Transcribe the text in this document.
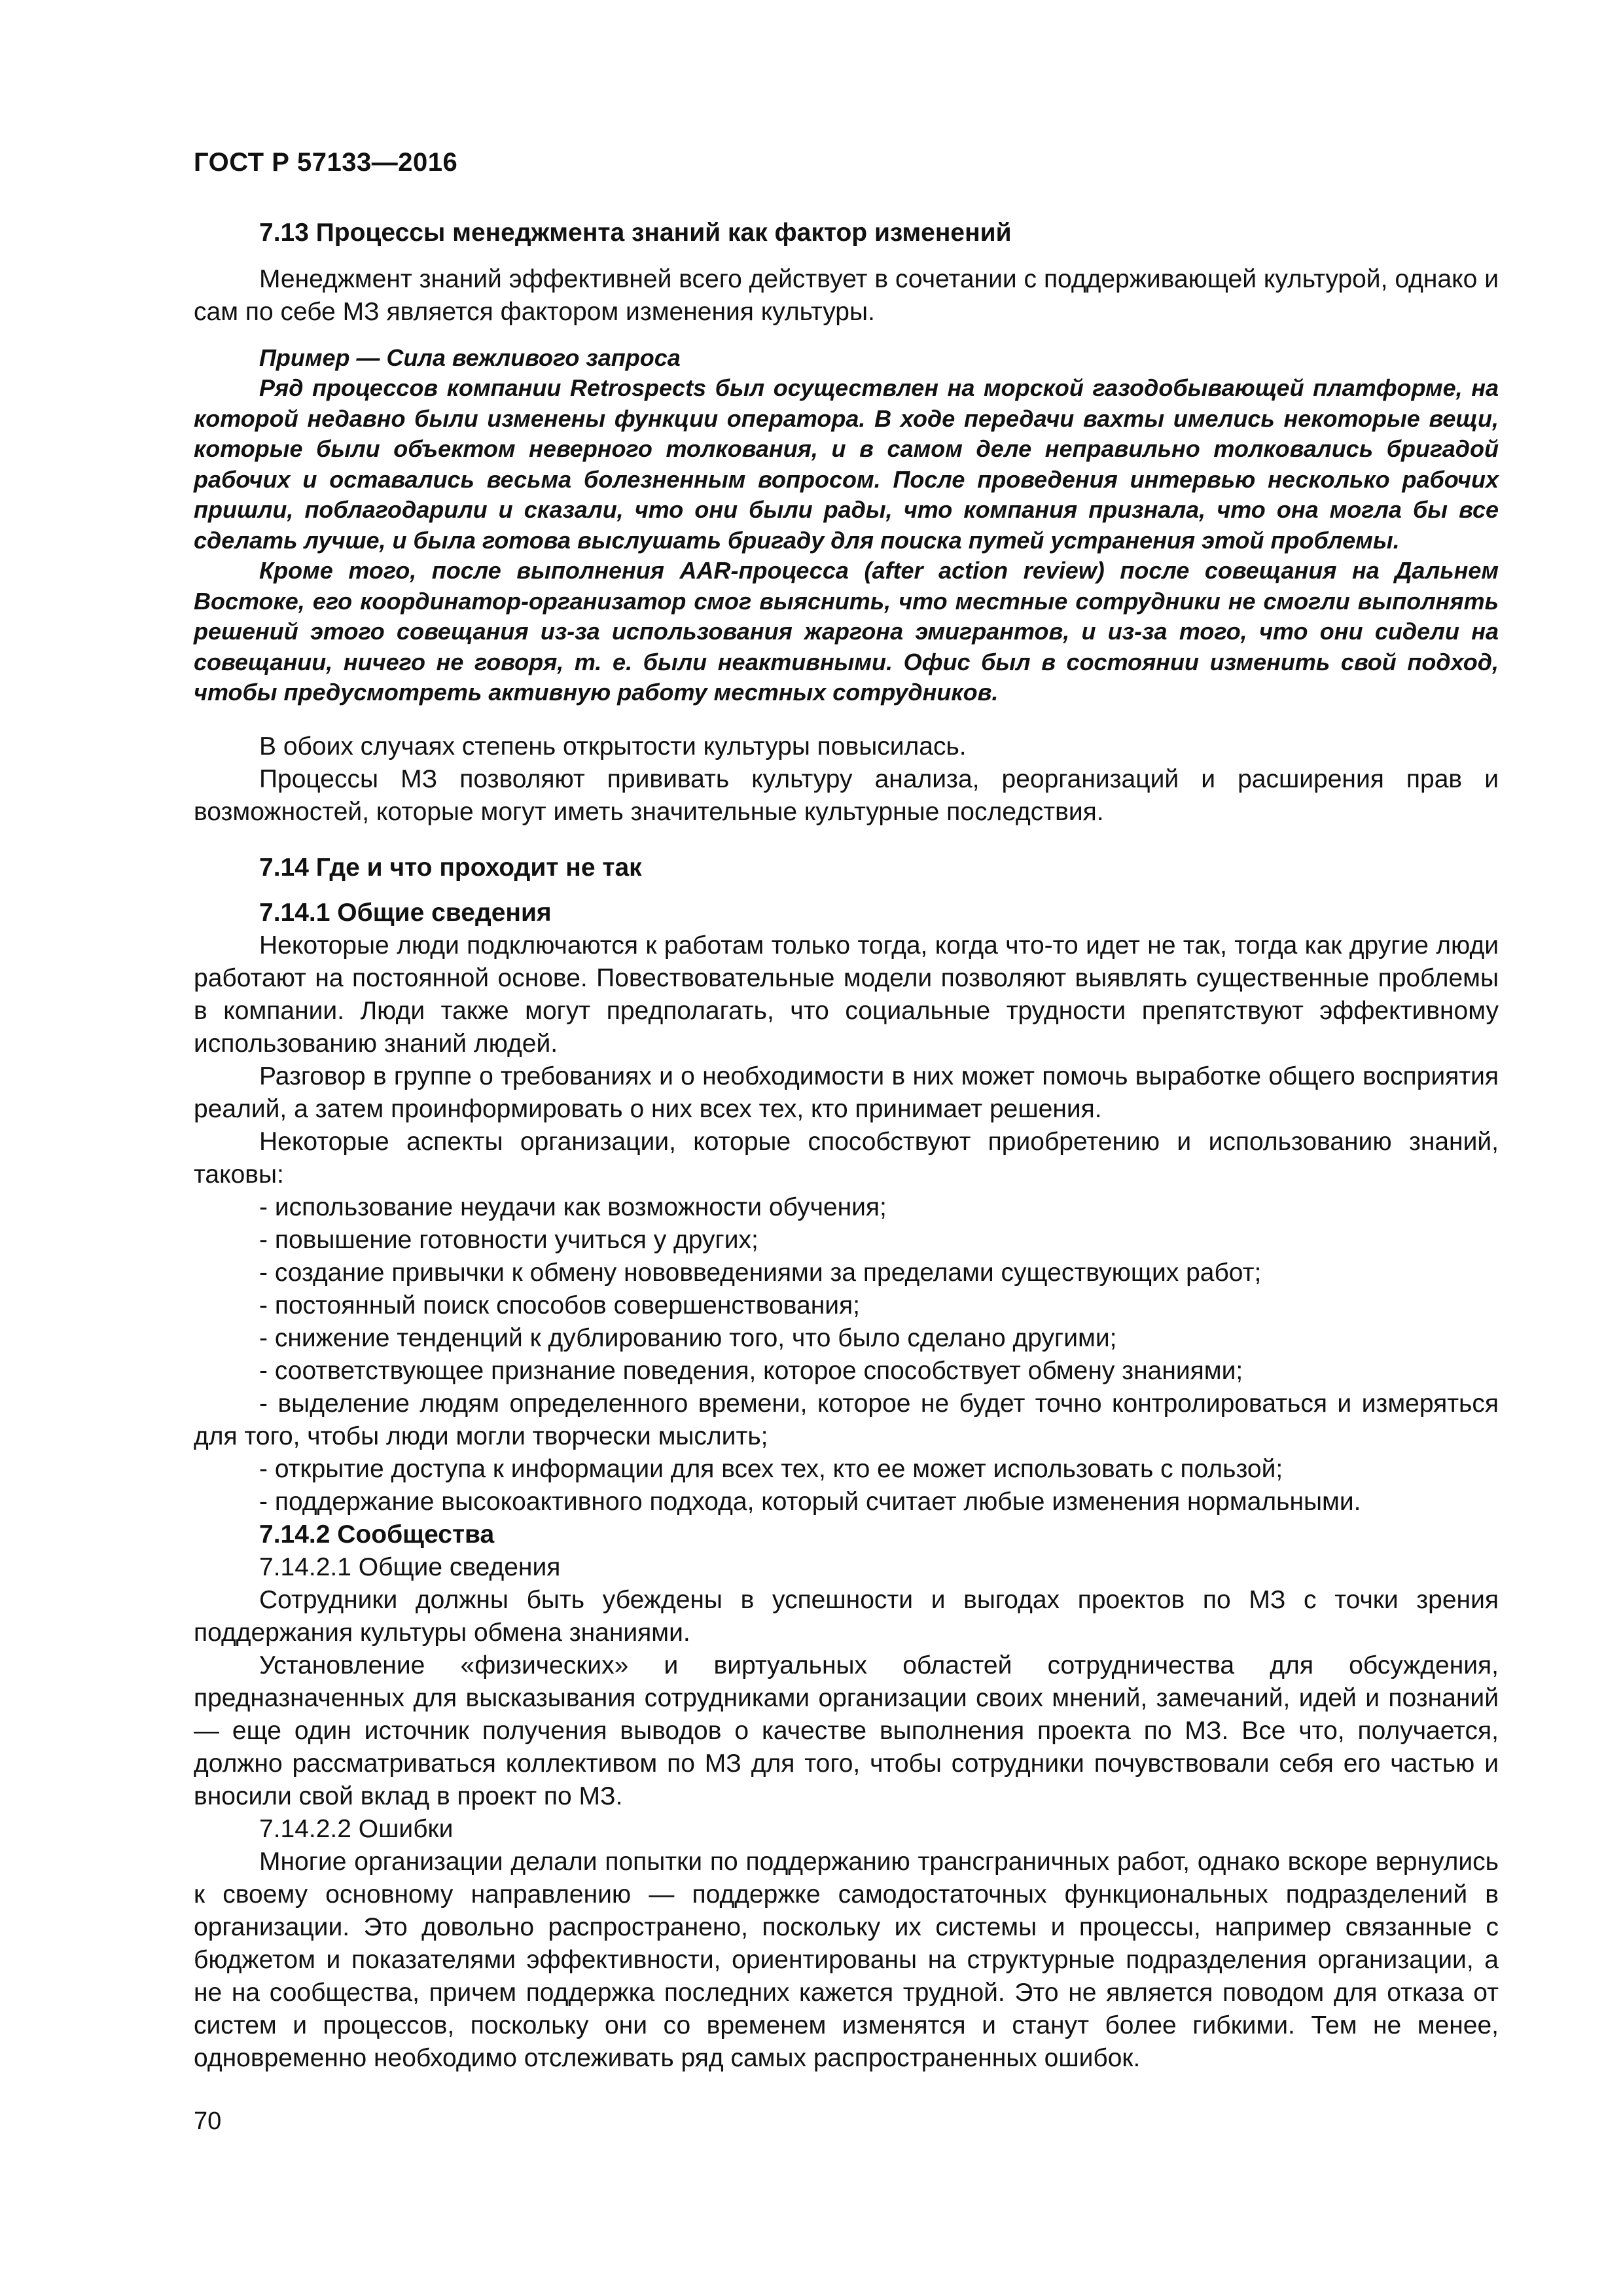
ГОСТ Р 57133—2016
7.13 Процессы менеджмента знаний как фактор изменений

Менеджмент знаний эффективней всего действует в сочетании с поддерживающей культурой, однако и сам по себе МЗ является фактором изменения культуры.

Пример — Сила вежливого запроса

Ряд процессов компании Retrospects был осуществлен на морской газодобывающей платформе, на которой недавно были изменены функции оператора. В ходе передачи вахты имелись некоторые вещи, которые были объектом неверного толкования, и в самом деле неправильно толковались бригадой рабочих и оставались весьма болезненным вопросом. После проведения интервью несколько рабочих пришли, поблагодарили и сказали, что они были рады, что компания признала, что она могла бы все сделать лучше, и была готова выслушать бригаду для поиска путей устранения этой проблемы.

Кроме того, после выполнения AAR-процесса (after action review) после совещания на Дальнем Востоке, его координатор-организатор смог выяснить, что местные сотрудники не смогли выполнять решений этого совещания из-за использования жаргона эмигрантов, и из-за того, что они сидели на совещании, ничего не говоря, т. е. были неактивными. Офис был в состоянии изменить свой подход, чтобы предусмотреть активную работу местных сотрудников.

В обоих случаях степень открытости культуры повысилась.

Процессы МЗ позволяют прививать культуру анализа, реорганизаций и расширения прав и возможностей, которые могут иметь значительные культурные последствия.

7.14 Где и что проходит не так
7.14.1 Общие сведения

Некоторые люди подключаются к работам только тогда, когда что-то идет не так, тогда как другие люди работают на постоянной основе. Повествовательные модели позволяют выявлять существенные проблемы в компании. Люди также могут предполагать, что социальные трудности препятствуют эффективному использованию знаний людей.

Разговор в группе о требованиях и о необходимости в них может помочь выработке общего восприятия реалий, а затем проинформировать о них всех тех, кто принимает решения.

Некоторые аспекты организации, которые способствуют приобретению и использованию знаний, таковы:

- использование неудачи как возможности обучения;

- повышение готовности учиться у других;

- создание привычки к обмену нововведениями за пределами существующих работ;

- постоянный поиск способов совершенствования;

- снижение тенденций к дублированию того, что было сделано другими;

- соответствующее признание поведения, которое способствует обмену знаниями;

- выделение людям определенного времени, которое не будет точно контролироваться и измеряться для того, чтобы люди могли творчески мыслить;

- открытие доступа к информации для всех тех, кто ее может использовать с пользой;

- поддержание высокоактивного подхода, который считает любые изменения нормальными.

7.14.2 Сообщества
7.14.2.1 Общие сведения

Сотрудники должны быть убеждены в успешности и выгодах проектов по МЗ с точки зрения поддержания культуры обмена знаниями.

Установление «физических» и виртуальных областей сотрудничества для обсуждения, предназначенных для высказывания сотрудниками организации своих мнений, замечаний, идей и познаний — еще один источник получения выводов о качестве выполнения проекта по МЗ. Все что, получается, должно рассматриваться коллективом по МЗ для того, чтобы сотрудники почувствовали себя его частью и вносили свой вклад в проект по МЗ.

7.14.2.2 Ошибки

Многие организации делали попытки по поддержанию трансграничных работ, однако вскоре вернулись к своему основному направлению — поддержке самодостаточных функциональных подразделений в организации. Это довольно распространено, поскольку их системы и процессы, например связанные с бюджетом и показателями эффективности, ориентированы на структурные подразделения организации, а не на сообщества, причем поддержка последних кажется трудной. Это не является поводом для отказа от систем и процессов, поскольку они со временем изменятся и станут более гибкими. Тем не менее, одновременно необходимо отслеживать ряд самых распространенных ошибок.

70
